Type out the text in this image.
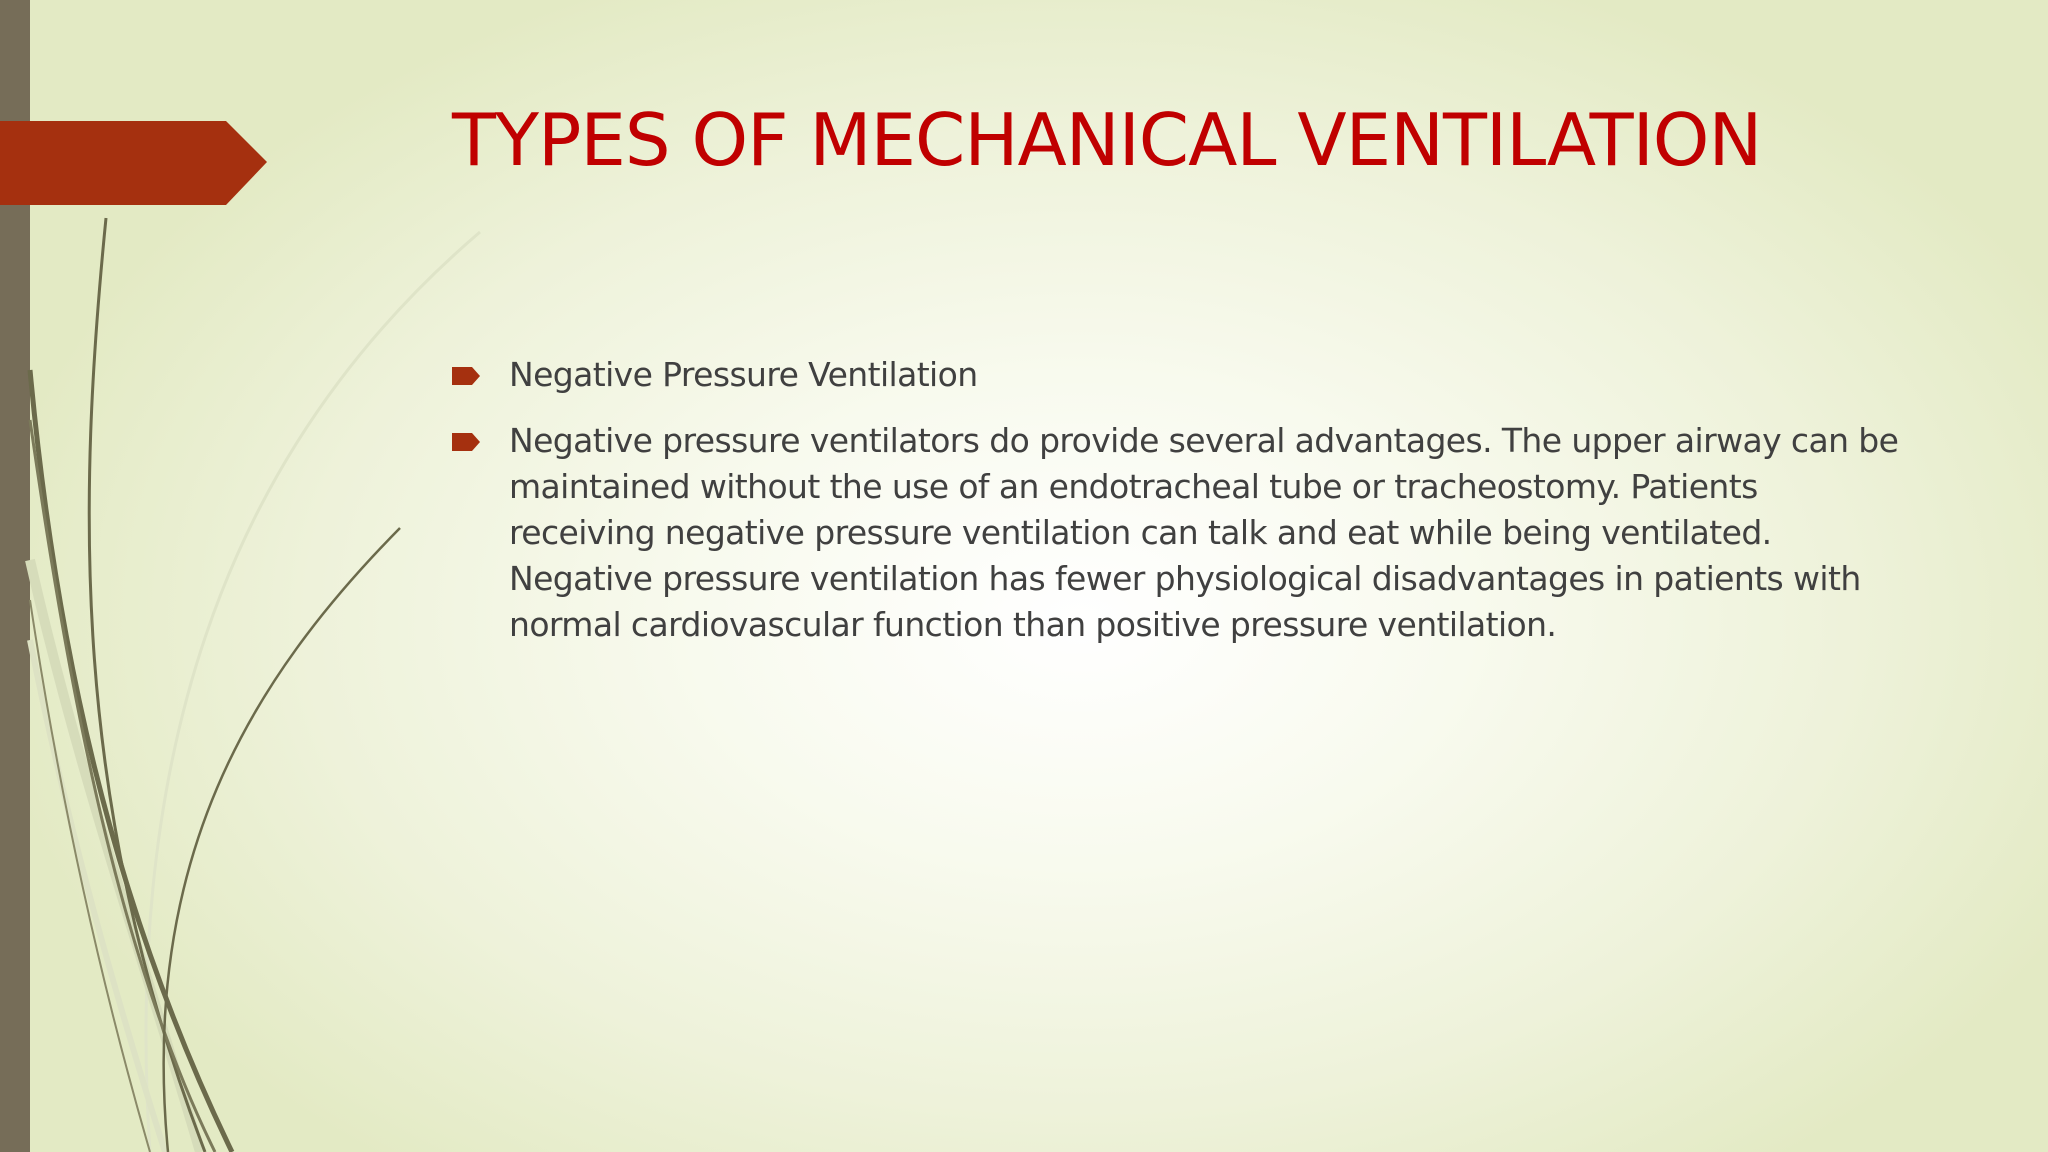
TYPES OF MECHANICAL VENTILATION
Negative Pressure Ventilation
Negative pressure ventilators do provide several advantages. The upper airway can be maintained without the use of an endotracheal tube or tracheostomy. Patients receiving negative pressure ventilation can talk and eat while being ventilated. Negative pressure ventilation has fewer physiological disadvantages in patients with normal cardiovascular function than positive pressure ventilation.
